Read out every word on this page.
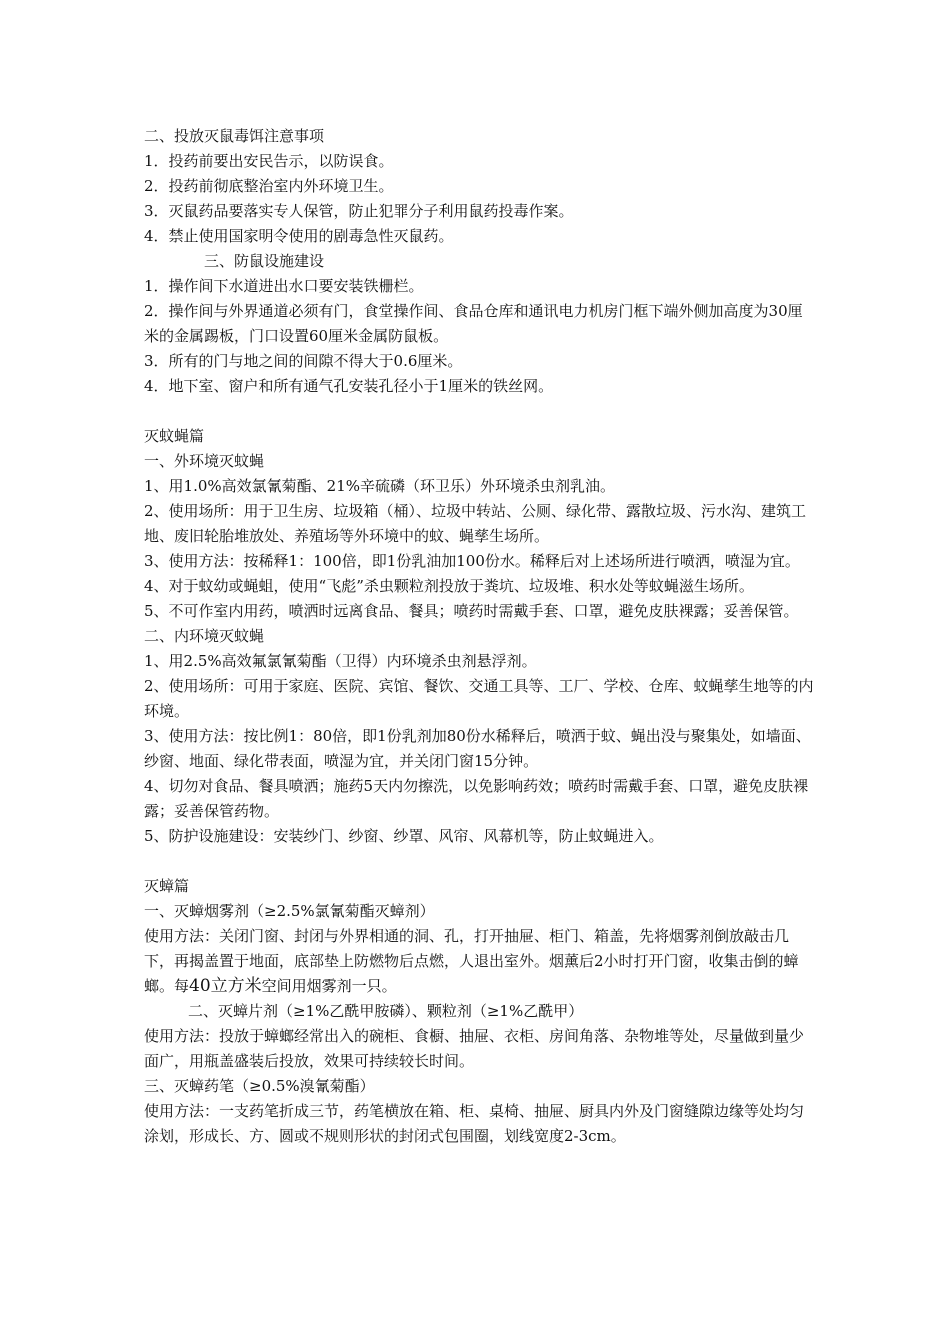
二、投放灭鼠毒饵注意事项

1．投药前要出安民告示，以防误食。

2．投药前彻底整治室内外环境卫生。

3．灭鼠药品要落实专人保管，防止犯罪分子利用鼠药投毒作案。

4．禁止使用国家明令使用的剧毒急性灭鼠药。

三、防鼠设施建设

1．操作间下水道进出水口要安装铁栅栏。

2．操作间与外界通道必须有门，食堂操作间、食品仓库和通讯电力机房门框下端外侧加高度为30厘米的金属踢板，门口设置60厘米金属防鼠板。

3．所有的门与地之间的间隙不得大于0.6厘米。

4．地下室、窗户和所有通气孔安装孔径小于1厘米的铁丝网。

灭蚊蝇篇

一、外环境灭蚊蝇

1、用1.0%高效氯氰菊酯、21%辛硫磷（环卫乐）外环境杀虫剂乳油。

2、使用场所：用于卫生房、垃圾箱（桶）、垃圾中转站、公厕、绿化带、露散垃圾、污水沟、建筑工地、废旧轮胎堆放处、养殖场等外环境中的蚊、蝇孳生场所。

3、使用方法：按稀释1：100倍，即1份乳油加100份水。稀释后对上述场所进行喷洒，喷湿为宜。

4、对于蚊幼或蝇蛆，使用“飞彪”杀虫颗粒剂投放于粪坑、垃圾堆、积水处等蚊蝇滋生场所。

5、不可作室内用药，喷洒时远离食品、餐具；喷药时需戴手套、口罩，避免皮肤裸露；妥善保管。

二、内环境灭蚊蝇

1、用2.5%高效氟氯氰菊酯（卫得）内环境杀虫剂悬浮剂。

2、使用场所：可用于家庭、医院、宾馆、餐饮、交通工具等、工厂、学校、仓库、蚊蝇孳生地等的内环境。

3、使用方法：按比例1：80倍，即1份乳剂加80份水稀释后，喷洒于蚊、蝇出没与聚集处，如墙面、纱窗、地面、绿化带表面，喷湿为宜，并关闭门窗15分钟。

4、切勿对食品、餐具喷洒；施药5天内勿擦洗，以免影响药效；喷药时需戴手套、口罩，避免皮肤裸露；妥善保管药物。

5、防护设施建设：安装纱门、纱窗、纱罩、风帘、风幕机等，防止蚊蝇进入。

灭蟑篇

一、灭蟑烟雾剂（≥2.5%氯氰菊酯灭蟑剂）

使用方法：关闭门窗、封闭与外界相通的洞、孔，打开抽屉、柜门、箱盖，先将烟雾剂倒放敲击几下，再揭盖置于地面，底部垫上防燃物后点燃，人退出室外。烟薰后2小时打开门窗，收集击倒的蟑螂。每40立方米空间用烟雾剂一只。

二、灭蟑片剂（≥1%乙酰甲胺磷）、颗粒剂（≥1%乙酰甲）

使用方法：投放于蟑螂经常出入的碗柜、食橱、抽屉、衣柜、房间角落、杂物堆等处，尽量做到量少面广，用瓶盖盛装后投放，效果可持续较长时间。

三、灭蟑药笔（≥0.5%溴氰菊酯）

使用方法：一支药笔折成三节，药笔横放在箱、柜、桌椅、抽屉、厨具内外及门窗缝隙边缘等处均匀涂划，形成长、方、圆或不规则形状的封闭式包围圈，划线宽度2-3cm。
